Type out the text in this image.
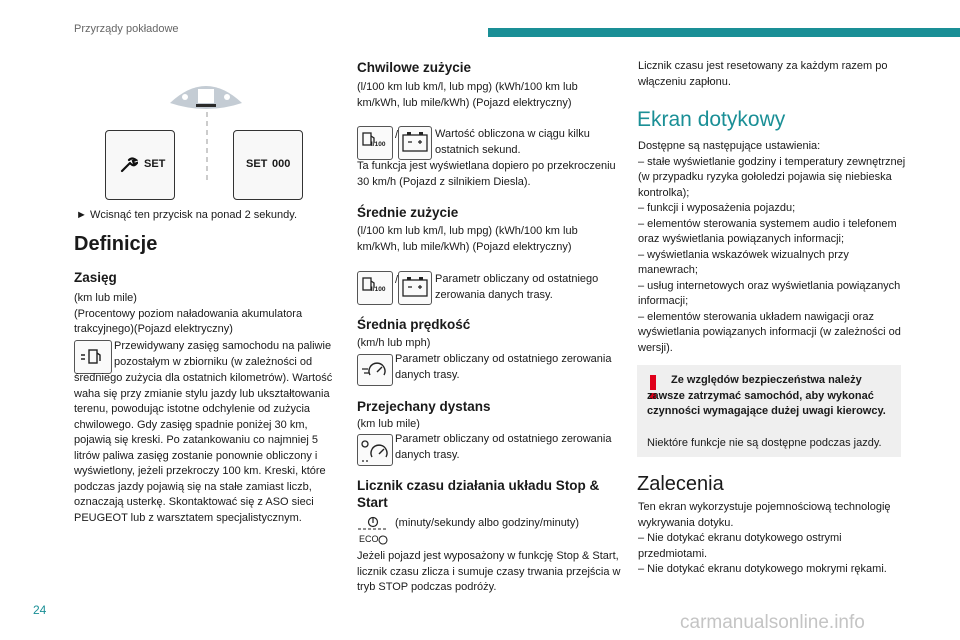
Przyrządy pokładowe
SET	SET 000

► Wcisnąć ten przycisk na ponad 2 sekundy.

Definicje
Zasięg

(km lub mile)

(Procentowy poziom naładowania akumulatora trakcyjnego)(Pojazd elektryczny)

Przewidywany zasięg samochodu na paliwie pozostałym w zbiorniku (w zależności od

średniego zużycia dla ostatnich kilometrów). Wartość waha się przy zmianie stylu jazdy lub ukształtowania terenu, powodując istotne odchylenie od zużycia chwilowego. Gdy zasięg spadnie poniżej 30 km, pojawią się kreski. Po zatankowaniu co najmniej 5 litrów paliwa zasięg zostanie ponownie obliczony i wyświetlony, jeżeli przekroczy 100 km. Kreski, które podczas jazdy pojawią się na stałe zamiast liczb, oznaczają usterkę. Skontaktować się z ASO sieci PEUGEOT lub z warsztatem specjalistycznym.

Chwilowe zużycie

(l/100 km lub km/l, lub mpg) (kWh/100 km lub km/kWh, lub mile/kWh) (Pojazd elektryczny)

l/100
/	Wartość obliczona w ciągu kilku ostatnich sekund.

Ta funkcja jest wyświetlana dopiero po przekroczeniu 30 km/h (Pojazd z silnikiem Diesla).

Średnie zużycie

(l/100 km lub km/l, lub mpg) (kWh/100 km lub km/kWh, lub mile/kWh) (Pojazd elektryczny)

l/100
/	Parametr obliczany od ostatniego zerowania danych trasy.

Średnia prędkość

(km/h lub mph)

Parametr obliczany od ostatniego zerowania danych trasy.

Przejechany dystans

(km lub mile)

Parametr obliczany od ostatniego zerowania danych trasy.

Licznik czasu działania układu Stop & Start

ECO

(minuty/sekundy albo godziny/minuty)

Jeżeli pojazd jest wyposażony w funkcję Stop & Start, licznik czasu zlicza i sumuje czasy trwania przejścia w tryb STOP podczas podróży.

Licznik czasu jest resetowany za każdym razem po włączeniu zapłonu.

Ekran dotykowy

Dostępne są następujące ustawienia:

– stałe wyświetlanie godziny i temperatury zewnętrznej (w przypadku ryzyka gołoledzi pojawia się niebieska kontrolka);

– funkcji i wyposażenia pojazdu;

– elementów sterowania systemem audio i telefonem oraz wyświetlania powiązanych informacji;

– wyświetlania wskazówek wizualnych przy manewrach;

– usług internetowych oraz wyświetlania powiązanych informacji;

– elementów sterowania układem nawigacji oraz wyświetlania powiązanych informacji (w zależności od wersji).

Ze względów bezpieczeństwa należy zawsze zatrzymać samochód, aby wykonać czynności wymagające dużej uwagi kierowcy.

Niektóre funkcje nie są dostępne podczas jazdy.

Zalecenia

Ten ekran wykorzystuje pojemnościową technologię wykrywania dotyku.

– Nie dotykać ekranu dotykowego ostrymi przedmiotami.

– Nie dotykać ekranu dotykowego mokrymi rękami.

24
carmanualsonline.info
